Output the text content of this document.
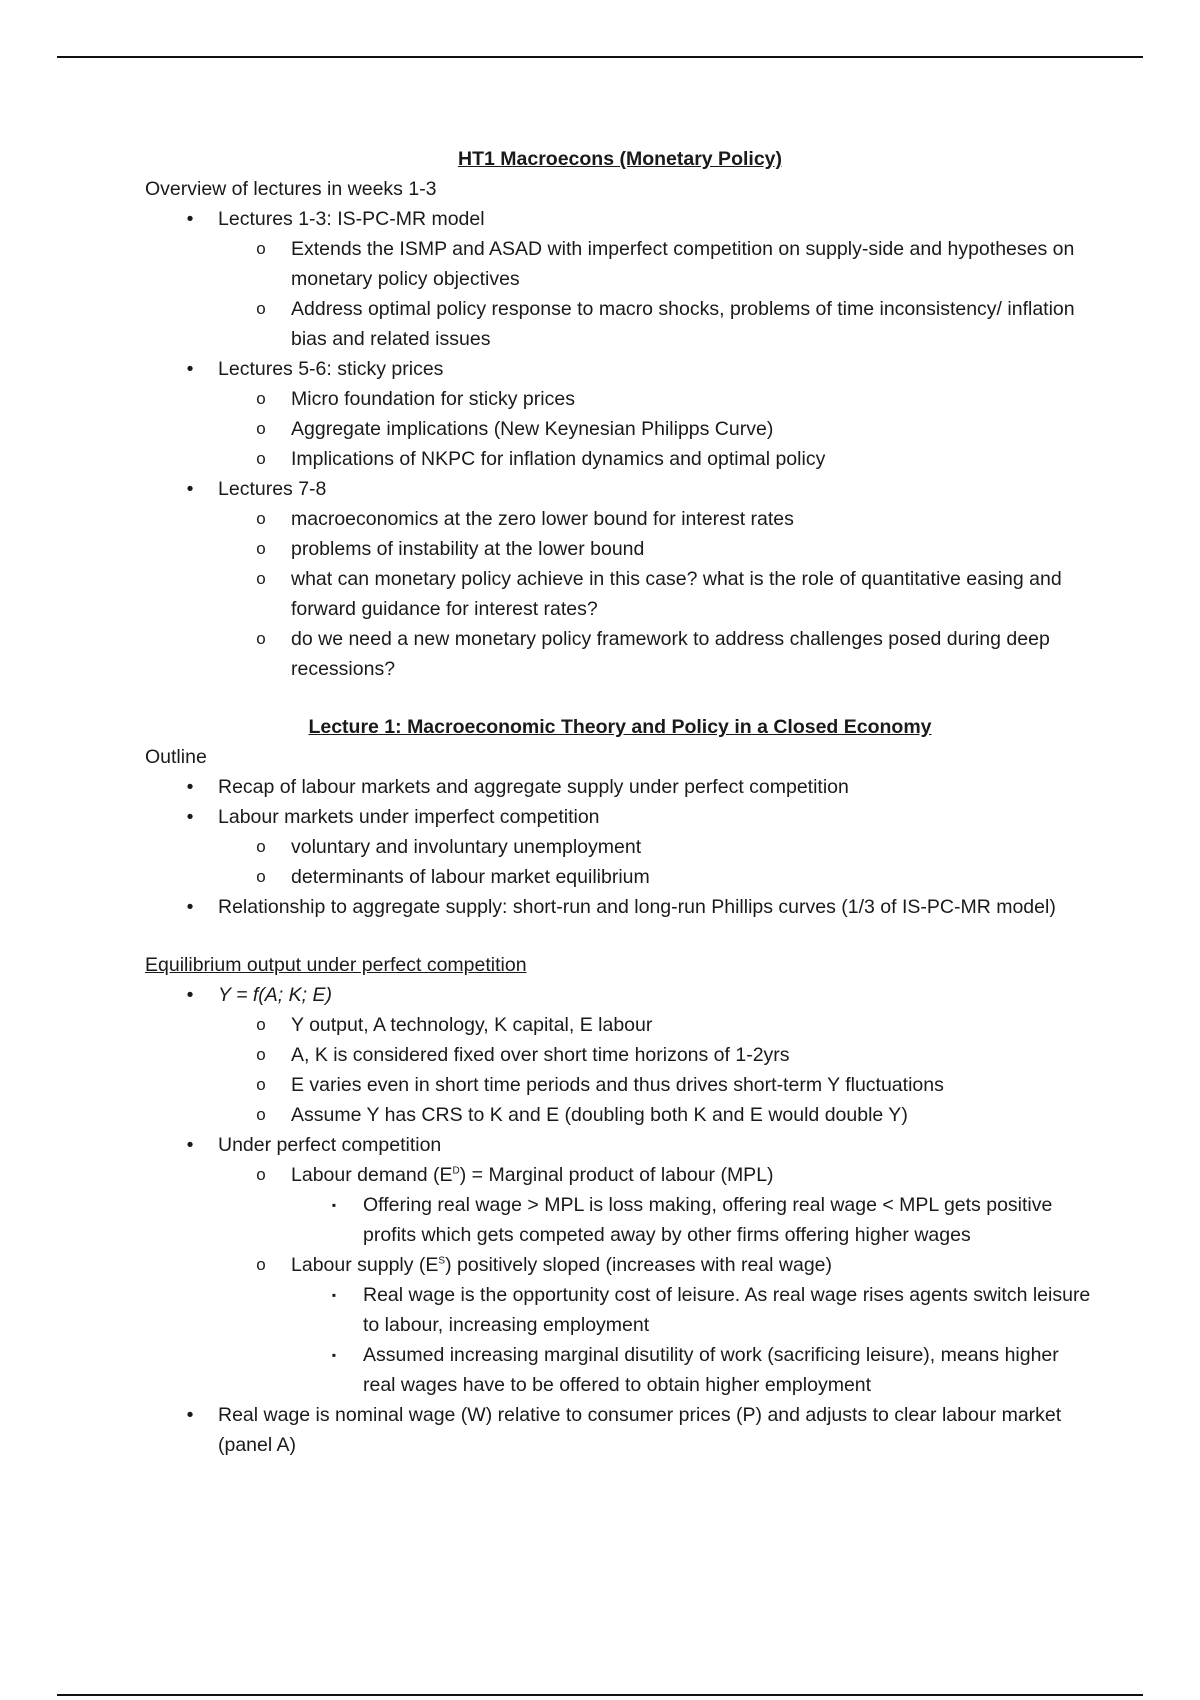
HT1 Macroecons (Monetary Policy)

Overview of lectures in weeks 1-3

•	Lectures 1-3: IS-PC-MR model
o Extends the ISMP and ASAD with imperfect competition on supply-side and hypotheses on monetary policy objectives
o Address optimal policy response to macro shocks, problems of time inconsistency/ inflation bias and related issues
•	Lectures 5-6: sticky prices
o Micro foundation for sticky prices
o Aggregate implications (New Keynesian Philipps Curve)
o Implications of NKPC for inflation dynamics and optimal policy
•	Lectures 7-8
o macroeconomics at the zero lower bound for interest rates
o problems of instability at the lower bound
o what can monetary policy achieve in this case? what is the role of quantitative easing and forward guidance for interest rates?
o do we need a new monetary policy framework to address challenges posed during deep recessions?

Lecture 1: Macroeconomic Theory and Policy in a Closed Economy

Outline

•	Recap of labour markets and aggregate supply under perfect competition
•	Labour markets under imperfect competition
o voluntary and involuntary unemployment
o determinants of labour market equilibrium
•	Relationship to aggregate supply: short-run and long-run Phillips curves (1/3 of IS-PC-MR model)

Equilibrium output under perfect competition

•	Y = f(A; K; E)
o Y output, A technology, K capital, E labour
o A, K is considered fixed over short time horizons of 1-2yrs
o E varies even in short time periods and thus drives short-term Y fluctuations
o Assume Y has CRS to K and E (doubling both K and E would double Y)
•	Under perfect competition
o Labour demand $(E^D)$ = Marginal product of labour (MPL)
▪	Offering real wage > MPL is loss making, offering real wage < MPL gets positive profits which gets competed away by other firms offering higher wages
o Labour supply $(E^S)$ positively sloped (increases with real wage)
▪	Real wage is the opportunity cost of leisure. As real wage rises agents switch leisure to labour, increasing employment
▪	Assumed increasing marginal disutility of work (sacrificing leisure), means higher real wages have to be offered to obtain higher employment
•	Real wage is nominal wage (W) relative to consumer prices (P) and adjusts to clear labour market (panel A)
